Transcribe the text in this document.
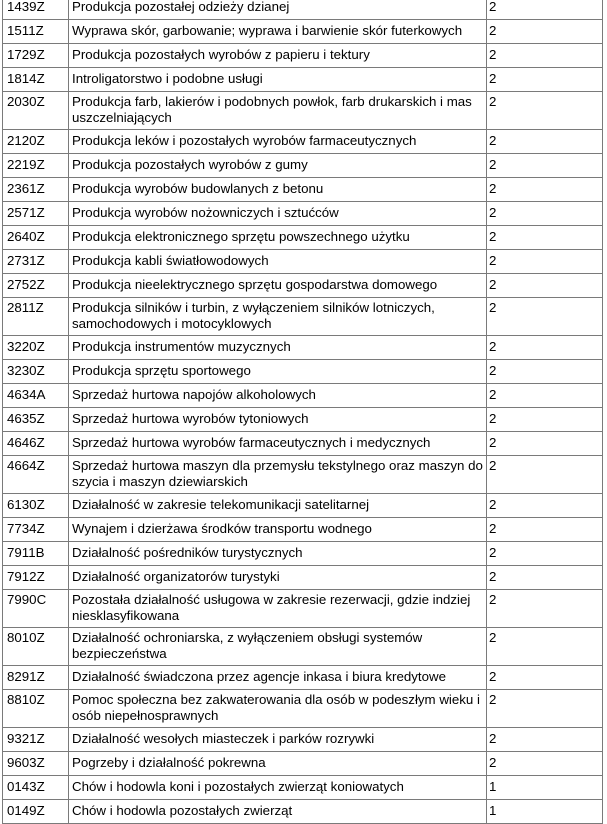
1439Z	Produkcja pozostałej odzieży dzianej	2
1511Z	Wyprawa skór, garbowanie; wyprawa i barwienie skór futerkowych	2
1729Z	Produkcja pozostałych wyrobów z papieru i tektury	2
1814Z	Introligatorstwo i podobne usługi	2
2030Z	Produkcja farb, lakierów i podobnych powłok, farb drukarskich i mas uszczelniających	2
2120Z	Produkcja leków i pozostałych wyrobów farmaceutycznych	2
2219Z	Produkcja pozostałych wyrobów z gumy	2
2361Z	Produkcja wyrobów budowlanych z betonu	2
2571Z	Produkcja wyrobów nożowniczych i sztućców	2
2640Z	Produkcja elektronicznego sprzętu powszechnego użytku	2
2731Z	Produkcja kabli światłowodowych	2
2752Z	Produkcja nieelektrycznego sprzętu gospodarstwa domowego	2
2811Z	Produkcja silników i turbin, z wyłączeniem silników lotniczych, samochodowych i motocyklowych	2
3220Z	Produkcja instrumentów muzycznych	2
3230Z	Produkcja sprzętu sportowego	2
4634A	Sprzedaż hurtowa napojów alkoholowych	2
4635Z	Sprzedaż hurtowa wyrobów tytoniowych	2
4646Z	Sprzedaż hurtowa wyrobów farmaceutycznych i medycznych	2
4664Z	Sprzedaż hurtowa maszyn dla przemysłu tekstylnego oraz maszyn do szycia i maszyn dziewiarskich	2
6130Z	Działalność w zakresie telekomunikacji satelitarnej	2
7734Z	Wynajem i dzierżawa środków transportu wodnego	2
7911B	Działalność pośredników turystycznych	2
7912Z	Działalność organizatorów turystyki	2
7990C	Pozostała działalność usługowa w zakresie rezerwacji, gdzie indziej niesklasyfikowana	2
8010Z	Działalność ochroniarska, z wyłączeniem obsługi systemów bezpieczeństwa	2
8291Z	Działalność świadczona przez agencje inkasa i biura kredytowe	2
8810Z	Pomoc społeczna bez zakwaterowania dla osób w podeszłym wieku i osób niepełnosprawnych	2
9321Z	Działalność wesołych miasteczek i parków rozrywki	2
9603Z	Pogrzeby i działalność pokrewna	2
0143Z	Chów i hodowla koni i pozostałych zwierząt koniowatych	1
0149Z	Chów i hodowla pozostałych zwierząt	1
